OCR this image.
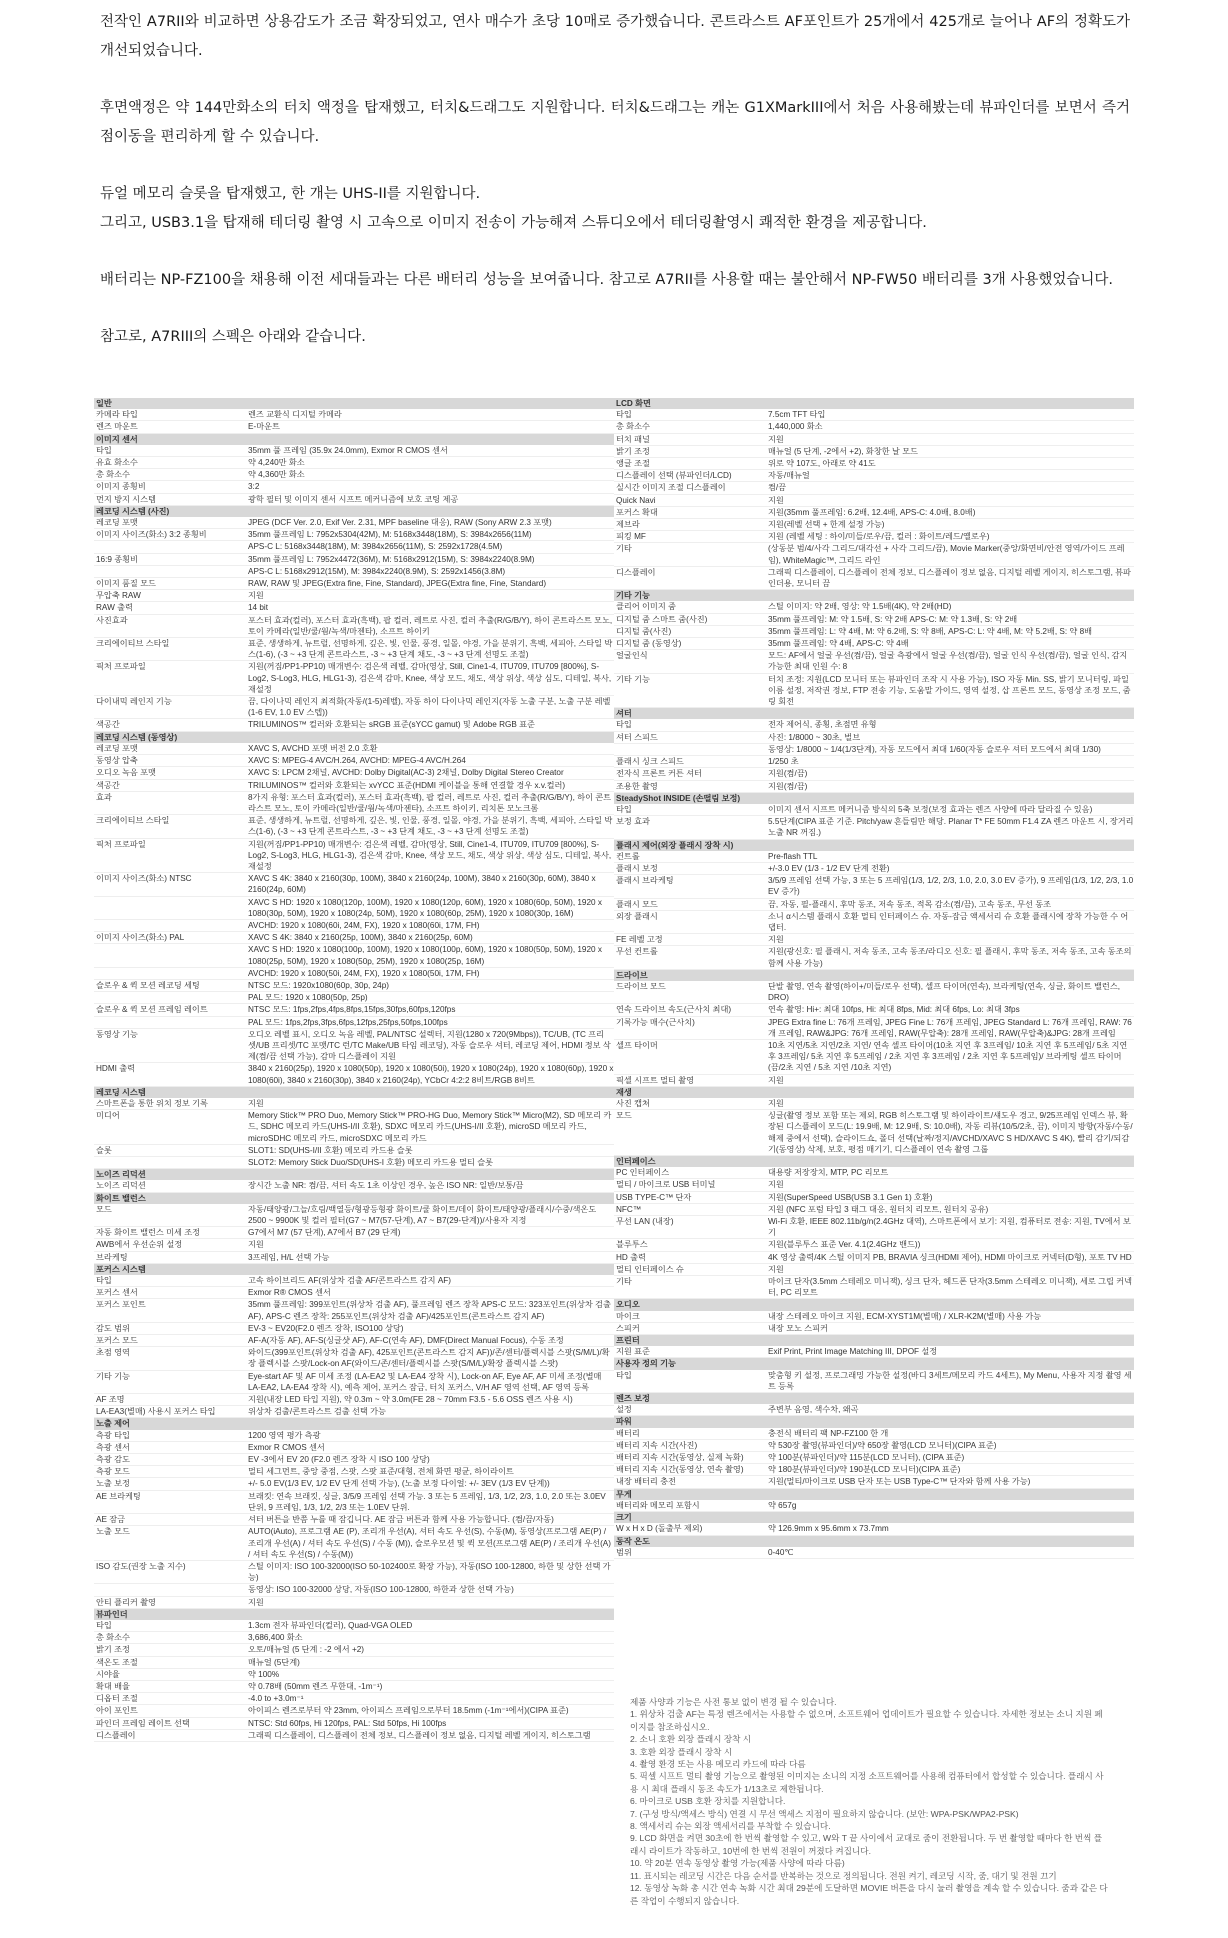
전작인 A7RII와 비교하면 상용감도가 조금 확장되었고, 연사 매수가 초당 10매로 증가했습니다. 콘트라스트 AF포인트가 25개에서 425개로 늘어나 AF의 정확도가 개선되었습니다.

후면액정은 약 144만화소의 터치 액정을 탑재했고, 터치&드래그도 지원합니다. 터치&드래그는 캐논 G1XMarkIII에서 처음 사용해봤는데 뷰파인더를 보면서 즉거점이동을 편리하게 할 수 있습니다.

듀얼 메모리 슬롯을 탑재했고, 한 개는 UHS-II를 지원합니다.

그리고, USB3.1을 탑재해 테더링 촬영 시 고속으로 이미지 전송이 가능해져 스튜디오에서 테더링촬영시 쾌적한 환경을 제공합니다.

배터리는 NP-FZ100을 채용해 이전 세대들과는 다른 배터리 성능을 보여줍니다. 참고로 A7RII를 사용할 때는 불안해서 NP-FW50 배터리를 3개 사용했었습니다.

참고로, A7RIII의 스펙은 아래와 같습니다.

일반
카메라 타입	렌즈 교환식 디지털 카메라
렌즈 마운트	E-마운트
이미지 센서
타입	35mm 풀 프레임 (35.9x 24.0mm), Exmor R CMOS 센서
유효 화소수	약 4,240만 화소
총 화소수	약 4,360만 화소
이미지 종횡비	3:2
먼지 방지 시스템	광학 필터 및 이미지 센서 시프트 메커니즘에 보호 코팅 제공
레코딩 시스템 (사진)
레코딩 포맷	JPEG (DCF Ver. 2.0, Exif Ver. 2.31, MPF baseline 대응), RAW (Sony ARW 2.3 포맷)
이미지 사이즈(화소) 3:2 종횡비	35mm 풀프레임 L: 7952x5304(42M), M: 5168x3448(18M), S: 3984x2656(11M)
APS-C L: 5168x3448(18M), M: 3984x2656(11M), S: 2592x1728(4.5M)
16:9 종횡비	35mm 풀프레임 L: 7952x4472(36M), M: 5168x2912(15M), S: 3984x2240(8.9M)
APS-C L: 5168x2912(15M), M: 3984x2240(8.9M), S: 2592x1456(3.8M)
이미지 품질 모드	RAW, RAW 및 JPEG(Extra fine, Fine, Standard), JPEG(Extra fine, Fine, Standard)
무압축 RAW	지원
RAW 출력	14 bit
사진효과	포스터 효과(컬러), 포스터 효과(흑백), 팝 컬러, 레트로 사진, 컬러 추출(R/G/B/Y), 하이 콘트라스트 모노, 토이 카메라(일반/쿨/웜/녹색/마젠타), 소프트 하이키
크리에이티브 스타일	표준, 생생하게, 뉴트럴, 선명하게, 깊은, 빛, 인물, 풍경, 일몰, 야경, 가을 분위기, 흑백, 세피아, 스타일 박스(1-6), (-3 ~ +3 단계 콘트라스트, -3 ~ +3 단계 채도, -3 ~ +3 단계 선명도 조절)
픽처 프로파일	지원(꺼짐/PP1-PP10) 매개변수: 검은색 레벨, 감마(영상, Still, Cine1-4, ITU709, ITU709 [800%], S-Log2, S-Log3, HLG, HLG1-3), 검은색 감마, Knee, 색상 모드, 채도, 색상 위상, 색상 심도, 디테일, 복사, 재설정
다이내믹 레인지 기능	끔, 다이나믹 레인지 최적화(자동/(1-5)레벨), 자동 하이 다이나믹 레인지(자동 노출 구분, 노출 구분 레벨(1-6 EV, 1.0 EV 스텝))
색공간	TRILUMINOS™ 컬러와 호환되는 sRGB 표준(sYCC gamut) 및 Adobe RGB 표준
레코딩 시스템 (동영상)
레코딩 포맷	XAVC S, AVCHD 포맷 버전 2.0 호환
동영상 압축	XAVC S: MPEG-4 AVC/H.264, AVCHD: MPEG-4 AVC/H.264
오디오 녹음 포맷	XAVC S: LPCM 2채널, AVCHD: Dolby Digital(AC-3) 2채널, Dolby Digital Stereo Creator
색공간	TRILUMINOS™ 컬러와 호환되는 xvYCC 표준(HDMI 케이블을 통해 연결할 경우 x.v.컬러)
효과	8가지 유형: 포스터 효과(컬러), 포스터 효과(흑백), 팝 컬러, 레트로 사진, 컬러 추출(R/G/B/Y), 하이 콘트라스트 모노, 토이 카메라(일반/쿨/웜/녹색/마젠타), 소프트 하이키, 리치톤 모노크롬
크리에이티브 스타일	표준, 생생하게, 뉴트럴, 선명하게, 깊은, 빛, 인물, 풍경, 일몰, 야경, 가을 분위기, 흑백, 세피아, 스타일 박스(1-6), (-3 ~ +3 단계 콘트라스트, -3 ~ +3 단계 채도, -3 ~ +3 단계 선명도 조절)
픽처 프로파일	지원(꺼짐/PP1-PP10) 매개변수: 검은색 레벨, 감마(영상, Still, Cine1-4, ITU709, ITU709 [800%], S-Log2, S-Log3, HLG, HLG1-3), 검은색 감마, Knee, 색상 모드, 채도, 색상 위상, 색상 심도, 디테일, 복사, 재설정
이미지 사이즈(화소) NTSC	XAVC S 4K: 3840 x 2160(30p, 100M), 3840 x 2160(24p, 100M), 3840 x 2160(30p, 60M), 3840 x 2160(24p, 60M)
XAVC S HD: 1920 x 1080(120p, 100M), 1920 x 1080(120p, 60M), 1920 x 1080(60p, 50M), 1920 x 1080(30p, 50M), 1920 x 1080(24p, 50M), 1920 x 1080(60p, 25M), 1920 x 1080(30p, 16M)
AVCHD: 1920 x 1080(60i, 24M, FX), 1920 x 1080(60i, 17M, FH)
이미지 사이즈(화소) PAL	XAVC S 4K: 3840 x 2160(25p, 100M), 3840 x 2160(25p, 60M)
XAVC S HD: 1920 x 1080(100p, 100M), 1920 x 1080(100p, 60M), 1920 x 1080(50p, 50M), 1920 x 1080(25p, 50M), 1920 x 1080(50p, 25M), 1920 x 1080(25p, 16M)
AVCHD: 1920 x 1080(50i, 24M, FX), 1920 x 1080(50i, 17M, FH)
슬로우 & 퀵 모션 레코딩 세팅	NTSC 모드: 1920x1080(60p, 30p, 24p)
PAL 모드: 1920 x 1080(50p, 25p)
슬로우 & 퀵 모션 프레임 레이트	NTSC 모드: 1fps,2fps,4fps,8fps,15fps,30fps,60fps,120fps
PAL 모드: 1fps,2fps,3fps,6fps,12fps,25fps,50fps,100fps
동영상 기능	오디오 레벨 표시, 오디오 녹음 레벨, PAL/NTSC 설렉터, 지원(1280 x 720(9Mbps)), TC/UB, (TC 프리셋/UB 프리셋/TC 포맷/TC 런/TC Make/UB 타임 레코딩), 자동 슬로우 셔터, 레코딩 제어, HDMI 정보 삭제(켬/끔 선택 가능), 감마 디스플레이 지원
HDMI 출력	3840 x 2160(25p), 1920 x 1080(50p), 1920 x 1080(50i), 1920 x 1080(24p), 1920 x 1080(60p), 1920 x 1080(60i), 3840 x 2160(30p), 3840 x 2160(24p), YCbCr 4:2:2 8비트/RGB 8비트
레코딩 시스템
스마트폰을 통한 위치 정보 기록	지원
미디어	Memory Stick™ PRO Duo, Memory Stick™ PRO-HG Duo, Memory Stick™ Micro(M2), SD 메모리 카드, SDHC 메모리 카드(UHS-I/II 호환), SDXC 메모리 카드(UHS-I/II 호환), microSD 메모리 카드, microSDHC 메모리 카드, microSDXC 메모리 카드
슬롯	SLOT1: SD(UHS-I/II 호환) 메모리 카드용 슬롯
SLOT2: Memory Stick Duo/SD(UHS-I 호환) 메모리 카드용 멀티 슬롯
노이즈 리덕션
노이즈 리덕션	장시간 노출 NR: 켬/끔, 셔터 속도 1초 이상인 경우, 높은 ISO NR: 일반/보통/끔
화이트 밸런스
모드	자동/태양광/그늘/흐림/백열등/형광등형광 화이트/쿨 화이트/데이 화이트/태양광/플래시/수중/색온도2500 ~ 9900K 및 컬러 필터(G7 ~ M7(57-단계), A7 ~ B7(29-단계))/사용자 지정
자동 화이트 밸런스 미세 조정	G7에서 M7 (57 단계), A7에서 B7 (29 단계)
AWB에서 우선순위 설정	지원
브라케팅	3프레임, H/L 선택 가능
포커스 시스템
타입	고속 하이브리드 AF(위상차 검출 AF/콘트라스트 감지 AF)
포커스 센서	Exmor R® CMOS 센서
포커스 포인트	35mm 풀프레임: 399포인트(위상차 검출 AF), 풀프레임 렌즈 장착 APS-C 모드: 323포인트(위상차 검출 AF), APS-C 렌즈 장착: 255포인트(위상차 검출 AF)/425포인트(콘트라스트 감지 AF)
감도 범위	EV-3 ~ EV20(F2.0 렌즈 장착, ISO100 상당)
포커스 모드	AF-A(자동 AF), AF-S(싱글샷 AF), AF-C(연속 AF), DMF(Direct Manual Focus), 수동 조정
초점 영역	와이드(399포인트(위상차 검출 AF), 425포인트(콘트라스트 감지 AF))/존/센터/플렉시블 스팟(S/M/L)/확장 플렉시블 스팟/Lock-on AF(와이드/존/센터/플렉시블 스팟(S/M/L)/확장 플렉시블 스팟)
기타 기능	Eye-start AF 및 AF 미세 조정 (LA-EA2 및 LA-EA4 장착 시), Lock-on AF, Eye AF, AF 미세 조정(별매 LA-EA2, LA-EA4 장착 시), 예측 제어, 포커스 잠금, 터치 포커스, V/H AF 영역 선택, AF 영역 등록
AF 조명	지원(내장 LED 타입 지원), 약 0.3m ~ 약 3.0m(FE 28 ~ 70mm F3.5 - 5.6 OSS 렌즈 사용 시)
LA-EA3(별매) 사용시 포커스 타입	위상차 검출/콘트라스트 검출 선택 가능
노출 제어
측광 타입	1200 영역 평가 측광
측광 센서	Exmor R CMOS 센서
측광 감도	EV -3에서 EV 20 (F2.0 렌즈 장착 시 ISO 100 상당)
측광 모드	멀티 세그먼트, 중앙 중점, 스팟, 스팟 표준/대형, 전체 화면 평균, 하이라이트
노출 보정	+/- 5.0 EV(1/3 EV, 1/2 EV 단계 선택 가능), (노출 보정 다이얼: +/- 3EV (1/3 EV 단계))
AE 브라케팅	브래킷: 연속 브래킷, 싱글, 3/5/9 프레임 선택 가능. 3 또는 5 프레임, 1/3, 1/2, 2/3, 1.0, 2.0 또는 3.0EV 단위, 9 프레임, 1/3, 1/2, 2/3 또는 1.0EV 단위.
AE 잠금	셔터 버튼을 반쯤 누를 때 잠깁니다. AE 잠금 버튼과 함께 사용 가능합니다. (켬/끔/자동)
노출 모드	AUTO(iAuto), 프로그램 AE (P), 조리개 우선(A), 셔터 속도 우선(S), 수동(M), 동영상(프로그램 AE(P) / 조리개 우선(A) / 셔터 속도 우선(S) / 수동 (M)), 슬로우모션 및 퀵 모션(프로그램 AE(P) / 조리개 우선(A) / 셔터 속도 우선(S) / 수동(M))
ISO 감도(권장 노출 지수)	스틸 이미지: ISO 100-32000(ISO 50-102400로 확장 가능), 자동(ISO 100-12800, 하한 및 상한 선택 가능)
동영상: ISO 100-32000 상당, 자동(ISO 100-12800, 하한과 상한 선택 가능)
안티 플리커 촬영	지원
뷰파인더
타입	1.3cm 전자 뷰파인더(컬러), Quad-VGA OLED
총 화소수	3,686,400 화소
밝기 조정	오토/매뉴얼 (5 단계 : -2 에서 +2)
색온도 조절	매뉴얼 (5단계)
시야율	약 100%
확대 배율	약 0.78배 (50mm 렌즈 무한대, -1m⁻¹)
디옵터 조절	-4.0 to +3.0m⁻¹
아이 포인트	아이피스 렌즈로부터 약 23mm, 아이피스 프레임으로부터 18.5mm (-1m⁻¹에서)(CIPA 표준)
파인더 프레임 레이트 선택	NTSC: Std 60fps, Hi 120fps, PAL: Std 50fps, Hi 100fps
디스플레이	그래픽 디스플레이, 디스플레이 전체 정보, 디스플레이 정보 없음, 디지털 레벨 게이지, 히스토그램
LCD 화면
타입	7.5cm TFT 타입
총 화소수	1,440,000 화소
터치 패널	지원
밝기 조정	매뉴얼 (5 단계, -2에서 +2), 화창한 날 모드
앵글 조절	위로 약 107도, 아래로 약 41도
디스플레이 선택 (뷰파인더/LCD)	자동/매뉴얼
실시간 이미지 조절 디스플레이	켬/끔
Quick Navi	지원
포커스 확대	지원(35mm 풀프레임: 6.2배, 12.4배, APS-C: 4.0배, 8.0배)
제브라	지원(레벨 선택 + 한계 설정 가능)
피킹 MF	지원 (레벨 세팅 : 하이/미들/로우/끔, 컬러 : 화이트/레드/옐로우)
기타	(상동분 범/4/사각 그리드/대각선 + 사각 그리드/끔), Movie Marker(중앙/화면비/안전 영역/가이드 프레임), WhiteMagic™, 그리드 라인
디스플레이	그래픽 디스플레이, 디스플레이 전체 정보, 디스플레이 정보 없음, 디지털 레벨 게이지, 히스토그램, 뷰파인더용, 모니터 끔
기타 기능
클리어 이미지 줌	스틸 이미지: 약 2배, 영상: 약 1.5배(4K), 약 2배(HD)
디지털 줌 스마트 줌(사진)	35mm 풀프레임: M: 약 1.5배, S: 약 2배 APS-C: M: 약 1.3배, S: 약 2배
디지털 줌(사진)	35mm 풀프레임: L: 약 4배, M: 약 6.2배, S: 약 8배, APS-C: L: 약 4배, M: 약 5.2배, S: 약 8배
디지털 줌 (동영상)	35mm 풀프레임: 약 4배, APS-C: 약 4배
얼굴인식	모드: AF에서 얼굴 우선(켬/끔), 얼굴 측광에서 얼굴 우선(켬/끔), 얼굴 인식 우선(켬/끔), 얼굴 인식, 감지 가능한 최대 인원 수: 8
기타 기능	터치 조정: 지원(LCD 모니터 또는 뷰파인더 조작 시 사용 가능), ISO 자동 Min. SS, 밝기 모니터링, 파일 이름 설정, 저작권 정보, FTP 전송 기능, 도움말 가이드, 영역 설정, 삽 프론트 모드, 동영상 조정 모드, 줌 링 회전
셔터
타입	전자 제어식, 종횡, 초점면 유형
셔터 스피드	사진: 1/8000 ~ 30초, 벌브
동영상: 1/8000 ~ 1/4(1/3단계), 자동 모드에서 최대 1/60(자동 슬로우 셔터 모드에서 최대 1/30)
플래시 싱크 스피드	1/250 초
전자식 프론트 커튼 셔터	지원(켬/끔)
조용한 촬영	지원(켬/끔)
SteadyShot INSIDE (손떨림 보정)
타입	이미지 센서 시프트 메커니즘 방식의 5축 보정(보정 효과는 렌즈 사양에 따라 달라질 수 있음)
보정 효과	5.5단계(CIPA 표준 기준. Pitch/yaw 흔들림만 해당. Planar T* FE 50mm F1.4 ZA 렌즈 마운트 시, 장거리 노출 NR 꺼짐.)
플래시 제어(외장 플래시 장착 시)
컨트롤	Pre-flash TTL
플래시 보정	+/-3.0 EV (1/3 - 1/2 EV 단계 전환)
플래시 브라케팅	3/5/9 프레임 선택 가능, 3 또는 5 프레임(1/3, 1/2, 2/3, 1.0, 2.0, 3.0 EV 증가), 9 프레임(1/3, 1/2, 2/3, 1.0 EV 증가)
플래시 모드	끔, 자동, 필-플래시, 후막 동조, 저속 동조, 적목 감소(켬/끔), 고속 동조, 무선 동조
외장 플래시	소니 α시스템 플래시 호환 멀티 인터페이스 슈. 자동-잠금 액세서리 슈 호환 플래시에 장착 가능한 수 어댑터.
FE 레벨 고정	지원
무선 컨트롤	지원(광신호: 필 플래시, 저속 동조, 고속 동조/라디오 신호: 필 플래시, 후막 동조, 저속 동조, 고속 동조의 함께 사용 가능)
드라이브
드라이브 모드	단발 촬영, 연속 촬영(하이+/미들/로우 선택), 셀프 타이머(연속), 브라케팅(연속, 싱글, 화이트 밸런스, DRO)
연속 드라이브 속도(근사치 최대)	연속 촬영: Hi+: 최대 10fps, Hi: 최대 8fps, Mid: 최대 6fps, Lo: 최대 3fps
기록가능 매수(근사치)	JPEG Extra fine L: 76개 프레임, JPEG Fine L: 76개 프레임, JPEG Standard L: 76개 프레임, RAW: 76개 프레임, RAW&JPG: 76개 프레임, RAW(무압축): 28개 프레임, RAW(무압축)&JPG: 28개 프레임
셀프 타이머	10초 지연/5초 지연/2초 지연/ 연속 셀프 타이머(10초 지연 후 3프레임/ 10초 지연 후 5프레임/ 5초 지연 후 3프레임/ 5초 지연 후 5프레임 / 2초 지연 후 3프레임 / 2초 지연 후 5프레임)/ 브라케팅 셀프 타이머(끔/2초 지연 / 5초 지연 /10초 지연)
픽셀 시프트 멀티 촬영	지원
재생
사진 캡쳐	지원
모드	싱글(촬영 정보 포함 또는 제외, RGB 히스토그램 및 하이라이트/섀도우 경고, 9/25프레임 인덱스 뷰, 확장된 디스플레이 모드(L: 19.9배, M: 12.9배, S: 10.0배), 자동 리뷰(10/5/2초, 끔), 이미지 방향(자동/수동/해제 중에서 선택), 슬라이드쇼, 폴더 선택(날짜/정지/AVCHD/XAVC S HD/XAVC S 4K), 빨리 감기/되감기(동영상) 삭제, 보호, 평점 매기기, 디스플레이 연속 촬영 그룹
인터페이스
PC 인터페이스	대용량 저장장치, MTP, PC 리모트
멀티 / 마이크로 USB 터미널	지원
USB TYPE-C™ 단자	지원(SuperSpeed USB(USB 3.1 Gen 1) 호환)
NFC™	지원 (NFC 포럼 타입 3 태그 대응, 원터치 리모트, 원터치 공유)
무선 LAN (내장)	Wi-Fi 호환, IEEE 802.11b/g/n(2.4GHz 대역), 스마트폰에서 보기: 지원, 컴퓨터로 전송: 지원, TV에서 보기
블루투스	지원(블루투스 표준 Ver. 4.1(2.4GHz 밴드))
HD 출력	4K 영상 출력/4K 스틸 이미지 PB, BRAVIA 싱크(HDMI 제어), HDMI 마이크로 커넥터(D형), 포토 TV HD
멀티 인터페이스 슈	지원
기타	마이크 단자(3.5mm 스테레오 미니잭), 싱크 단자, 헤드폰 단자(3.5mm 스테레오 미니잭), 세로 그립 커넥터, PC 리모트
오디오
마이크	내장 스테레오 마이크 지원, ECM-XYST1M(별매) / XLR-K2M(별매) 사용 가능
스피커	내장 모노 스피커
프린터
지원 표준	Exif Print, Print Image Matching III, DPOF 설정
사용자 정의 기능
타입	맞춤형 키 설정, 프로그래밍 가능한 설정(바디 3세트/메모리 카드 4세트), My Menu, 사용자 지정 촬영 세트 등록
렌즈 보정
설정	주변부 음영, 색수차, 왜곡
파워
배터리	충전식 배터리 팩 NP-FZ100 한 개
배터리 지속 시간(사진)	약 530장 촬영(뷰파인더)/약 650장 촬영(LCD 모니터)(CIPA 표준)
배터리 지속 시간(동영상, 실제 녹화)	약 100분(뷰파인더)/약 115분(LCD 모니터), (CIPA 표준)
배터리 지속 시간(동영상, 연속 촬영)	약 180분(뷰파인더)/약 190분(LCD 모니터)(CIPA 표준)
내장 배터리 충전	지원(멀티/마이크로 USB 단자 또는 USB Type-C™ 단자와 함께 사용 가능)
무게
배터리와 메모리 포함시	약 657g
크기
W x H x D (돌출부 제외)	약 126.9mm x 95.6mm x 73.7mm
동작 온도
범위	0-40℃
제품 사양과 기능은 사전 통보 없이 변경 될 수 있습니다.
1. 위상차 검출 AF는 특정 렌즈에서는 사용할 수 없으며, 소프트웨어 업데이트가 필요할 수 있습니다. 자세한 정보는 소니 지원 페이지를 참조하십시오.
2. 소니 호환 외장 플래시 장착 시
3. 호환 외장 플래시 장착 시
4. 촬영 환경 또는 사용 메모리 카드에 따라 다름
5. 픽셀 시프트 멀티 촬영 기능으로 촬영된 이미지는 소니의 지정 소프트웨어를 사용해 컴퓨터에서 합성할 수 있습니다. 플래시 사용 시 최대 플래시 동조 속도가 1/13초로 제한됩니다.
6. 마이크로 USB 호환 장치를 지원합니다.
7. (구성 방식/액세스 방식) 연결 시 무선 액세스 지점이 필요하지 않습니다. (보안: WPA-PSK/WPA2-PSK)
8. 액세서리 슈는 외장 액세서리를 부착할 수 있습니다.
9. LCD 화면을 켜면 30초에 한 번씩 촬영할 수 있고, W와 T 끝 사이에서 교대로 줌이 전환됩니다. 두 번 촬영할 때마다 한 번씩 플래시 라이트가 작동하고, 10번에 한 번씩 전원이 꺼졌다 켜집니다.
10. 약 20분 연속 동영상 촬영 가능(제품 사양에 따라 다름)
11. 표시되는 레코딩 시간은 다음 순서를 반복하는 것으로 정의됩니다. 전원 켜기, 레코딩 시작, 줌, 대기 및 전원 끄기
12. 동영상 녹화 총 시간 연속 녹화 시간 최대 29분에 도달하면 MOVIE 버튼을 다시 눌러 촬영을 계속 할 수 있습니다. 줌과 같은 다른 작업이 수행되지 않습니다.
